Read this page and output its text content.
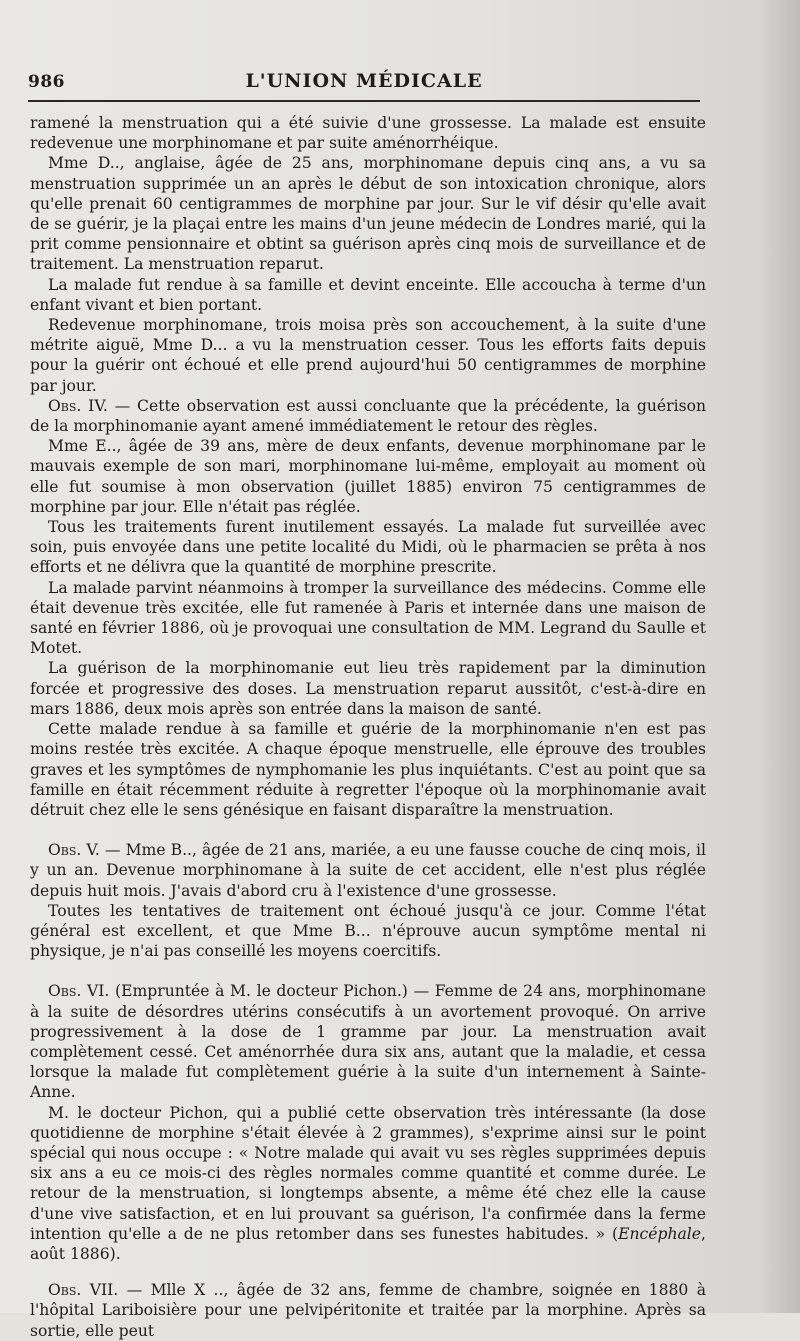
986	L'UNION MÉDICALE

ramené la menstruation qui a été suivie d'une grossesse. La malade est ensuite redevenue une morphinomane et par suite aménorrhéique.

Mme D.., anglaise, âgée de 25 ans, morphinomane depuis cinq ans, a vu sa menstruation supprimée un an après le début de son intoxication chronique, alors qu'elle prenait 60 centigrammes de morphine par jour. Sur le vif désir qu'elle avait de se guérir, je la plaçai entre les mains d'un jeune médecin de Londres marié, qui la prit comme pensionnaire et obtint sa guérison après cinq mois de surveillance et de traitement. La menstruation reparut.

La malade fut rendue à sa famille et devint enceinte. Elle accoucha à terme d'un enfant vivant et bien portant.

Redevenue morphinomane, trois moisa près son accouchement, à la suite d'une métrite aiguë, Mme D... a vu la menstruation cesser. Tous les efforts faits depuis pour la guérir ont échoué et elle prend aujourd'hui 50 centigrammes de morphine par jour.

Obs. IV. — Cette observation est aussi concluante que la précédente, la guérison de la morphinomanie ayant amené immédiatement le retour des règles.

Mme E.., âgée de 39 ans, mère de deux enfants, devenue morphinomane par le mauvais exemple de son mari, morphinomane lui-même, employait au moment où elle fut soumise à mon observation (juillet 1885) environ 75 centigrammes de morphine par jour. Elle n'était pas réglée.

Tous les traitements furent inutilement essayés. La malade fut surveillée avec soin, puis envoyée dans une petite localité du Midi, où le pharmacien se prêta à nos efforts et ne délivra que la quantité de morphine prescrite.

La malade parvint néanmoins à tromper la surveillance des médecins. Comme elle était devenue très excitée, elle fut ramenée à Paris et internée dans une maison de santé en février 1886, où je provoquai une consultation de MM. Legrand du Saulle et Motet.

La guérison de la morphinomanie eut lieu très rapidement par la diminution forcée et progressive des doses. La menstruation reparut aussitôt, c'est-à-dire en mars 1886, deux mois après son entrée dans la maison de santé.

Cette malade rendue à sa famille et guérie de la morphinomanie n'en est pas moins restée très excitée. A chaque époque menstruelle, elle éprouve des troubles graves et les symptômes de nymphomanie les plus inquiétants. C'est au point que sa famille en était récemment réduite à regretter l'époque où la morphinomanie avait détruit chez elle le sens génésique en faisant disparaître la menstruation.

Obs. V. — Mme B.., âgée de 21 ans, mariée, a eu une fausse couche de cinq mois, il y un an. Devenue morphinomane à la suite de cet accident, elle n'est plus réglée depuis huit mois. J'avais d'abord cru à l'existence d'une grossesse.

Toutes les tentatives de traitement ont échoué jusqu'à ce jour. Comme l'état général est excellent, et que Mme B... n'éprouve aucun symptôme mental ni physique, je n'ai pas conseillé les moyens coercitifs.

Obs. VI. (Empruntée à M. le docteur Pichon.) — Femme de 24 ans, morphinomane à la suite de désordres utérins consécutifs à un avortement provoqué. On arrive progressivement à la dose de 1 gramme par jour. La menstruation avait complètement cessé. Cet aménorrhée dura six ans, autant que la maladie, et cessa lorsque la malade fut complètement guérie à la suite d'un internement à Sainte-Anne.

M. le docteur Pichon, qui a publié cette observation très intéressante (la dose quotidienne de morphine s'était élevée à 2 grammes), s'exprime ainsi sur le point spécial qui nous occupe : « Notre malade qui avait vu ses règles supprimées depuis six ans a eu ce mois-ci des règles normales comme quantité et comme durée. Le retour de la menstruation, si longtemps absente, a même été chez elle la cause d'une vive satisfaction, et en lui prouvant sa guérison, l'a confirmée dans la ferme intention qu'elle a de ne plus retomber dans ses funestes habitudes. » (Encéphale, août 1886).

Obs. VII. — Mlle X .., âgée de 32 ans, femme de chambre, soignée en 1880 à l'hôpital Lariboisière pour une pelvipéritonite et traitée par la morphine. Après sa sortie, elle peut
